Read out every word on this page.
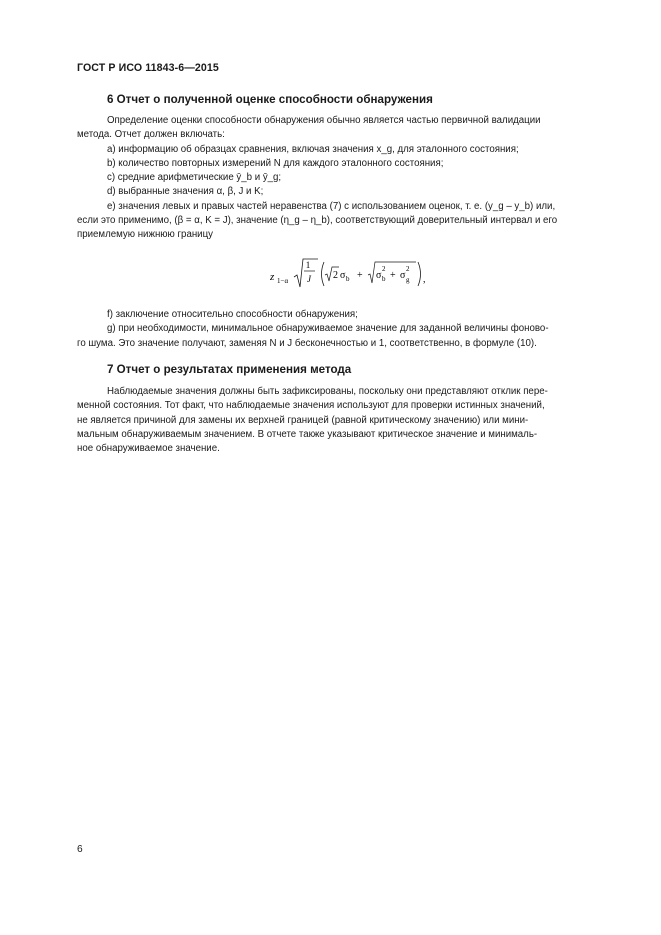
ГОСТ Р ИСО 11843-6—2015
6 Отчет о полученной оценке способности обнаружения
Определение оценки способности обнаружения обычно является частью первичной валидации
метода. Отчет должен включать:
a) информацию об образцах сравнения, включая значения x_g, для эталонного состояния;
b) количество повторных измерений N для каждого эталонного состояния;
c) средние арифметические ȳ_b и ȳ_g;
d) выбранные значения α, β, J и K;
e) значения левых и правых частей неравенства (7) с использованием оценок, т. е. (y_g – y_b) или,
если это применимо, (β = α, K = J), значение (η_g – η_b), соответствующий доверительный интервал и его
приемлемую нижнюю границу
z 1−α
1
J 2 σ b + σ b
2
+ σ g
2
,
f) заключение относительно способности обнаружения;
g) при необходимости, минимальное обнаруживаемое значение для заданной величины фоново-
го шума. Это значение получают, заменяя N и J бесконечностью и 1, соответственно, в формуле (10).
7 Отчет о результатах применения метода
Наблюдаемые значения должны быть зафиксированы, поскольку они представляют отклик пере-
менной состояния. Тот факт, что наблюдаемые значения используют для проверки истинных значений,
не является причиной для замены их верхней границей (равной критическому значению) или мини-
мальным обнаруживаемым значением. В отчете также указывают критическое значение и минималь-
ное обнаруживаемое значение.
6
